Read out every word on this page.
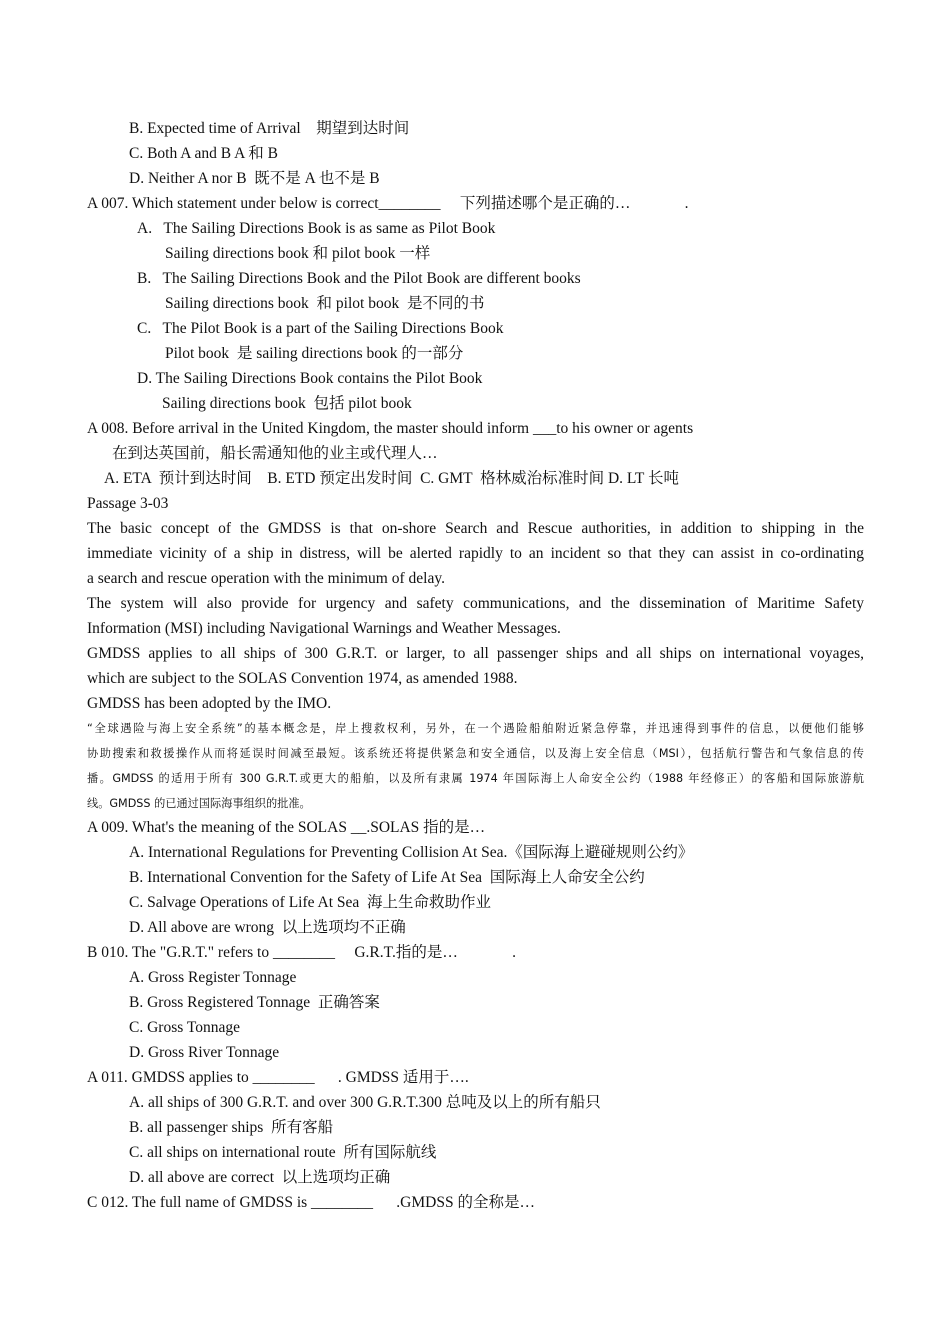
B. Expected time of Arrival    期望到达时间
C. Both A and B A 和 B
D. Neither A nor B  既不是 A 也不是 B
A 007. Which statement under below is correct________     下列描述哪个是正确的…              .
A.   The Sailing Directions Book is as same as Pilot Book
Sailing directions book 和 pilot book 一样
B.   The Sailing Directions Book and the Pilot Book are different books
Sailing directions book  和 pilot book  是不同的书
C.   The Pilot Book is a part of the Sailing Directions Book
Pilot book  是 sailing directions book 的一部分
D. The Sailing Directions Book contains the Pilot Book
Sailing directions book  包括 pilot book
A 008. Before arrival in the United Kingdom, the master should inform ___to his owner or agents
在到达英国前，船长需通知他的业主或代理人…
A. ETA  预计到达时间    B. ETD 预定出发时间  C. GMT  格林威治标准时间 D. LT 长吨
Passage 3-03
A 009. What's the meaning of the SOLAS __.SOLAS 指的是…
A. International Regulations for Preventing Collision At Sea.《国际海上避碰规则公约》
B. International Convention for the Safety of Life At Sea  国际海上人命安全公约
C. Salvage Operations of Life At Sea  海上生命救助作业
D. All above are wrong  以上选项均不正确
B 010. The "G.R.T." refers to ________     G.R.T.指的是…              .
A. Gross Register Tonnage
B. Gross Registered Tonnage  正确答案
C. Gross Tonnage
D. Gross River Tonnage
A 011. GMDSS applies to ________      . GMDSS 适用于….
A. all ships of 300 G.R.T. and over 300 G.R.T.300 总吨及以上的所有船只
B. all passenger ships  所有客船
C. all ships on international route  所有国际航线
D. all above are correct  以上选项均正确
C 012. The full name of GMDSS is ________      .GMDSS 的全称是…
The basic concept of the GMDSS is that on-shore Search and Rescue authorities, in addition to shipping in the
immediate vicinity of a ship in distress, will be alerted rapidly to an incident so that they can assist in co-ordinating
a search and rescue operation with the minimum of delay.
The system will also provide for urgency and safety communications, and the dissemination of Maritime Safety
Information (MSI) including Navigational Warnings and Weather Messages.
GMDSS applies to all ships of 300 G.R.T. or larger, to all passenger ships and all ships on international voyages,
which are subject to the SOLAS Convention 1974, as amended 1988.
GMDSS has been adopted by the IMO.
“全球遇险与海上安全系统”的基本概念是，岸上搜救权利，另外，在一个遇险船舶附近紧急停靠，并迅速得到事件的信息，以便他们能够
协助搜索和救援操作从而将延误时间减至最短。该系统还将提供紧急和安全通信，以及海上安全信息（MSI），包括航行警告和气象信息的传
播。GMDSS 的适用于所有 300 G.R.T.或更大的船舶，以及所有隶属 1974 年国际海上人命安全公约（1988 年经修正）的客船和国际旅游航
线。GMDSS 的已通过国际海事组织的批准。
